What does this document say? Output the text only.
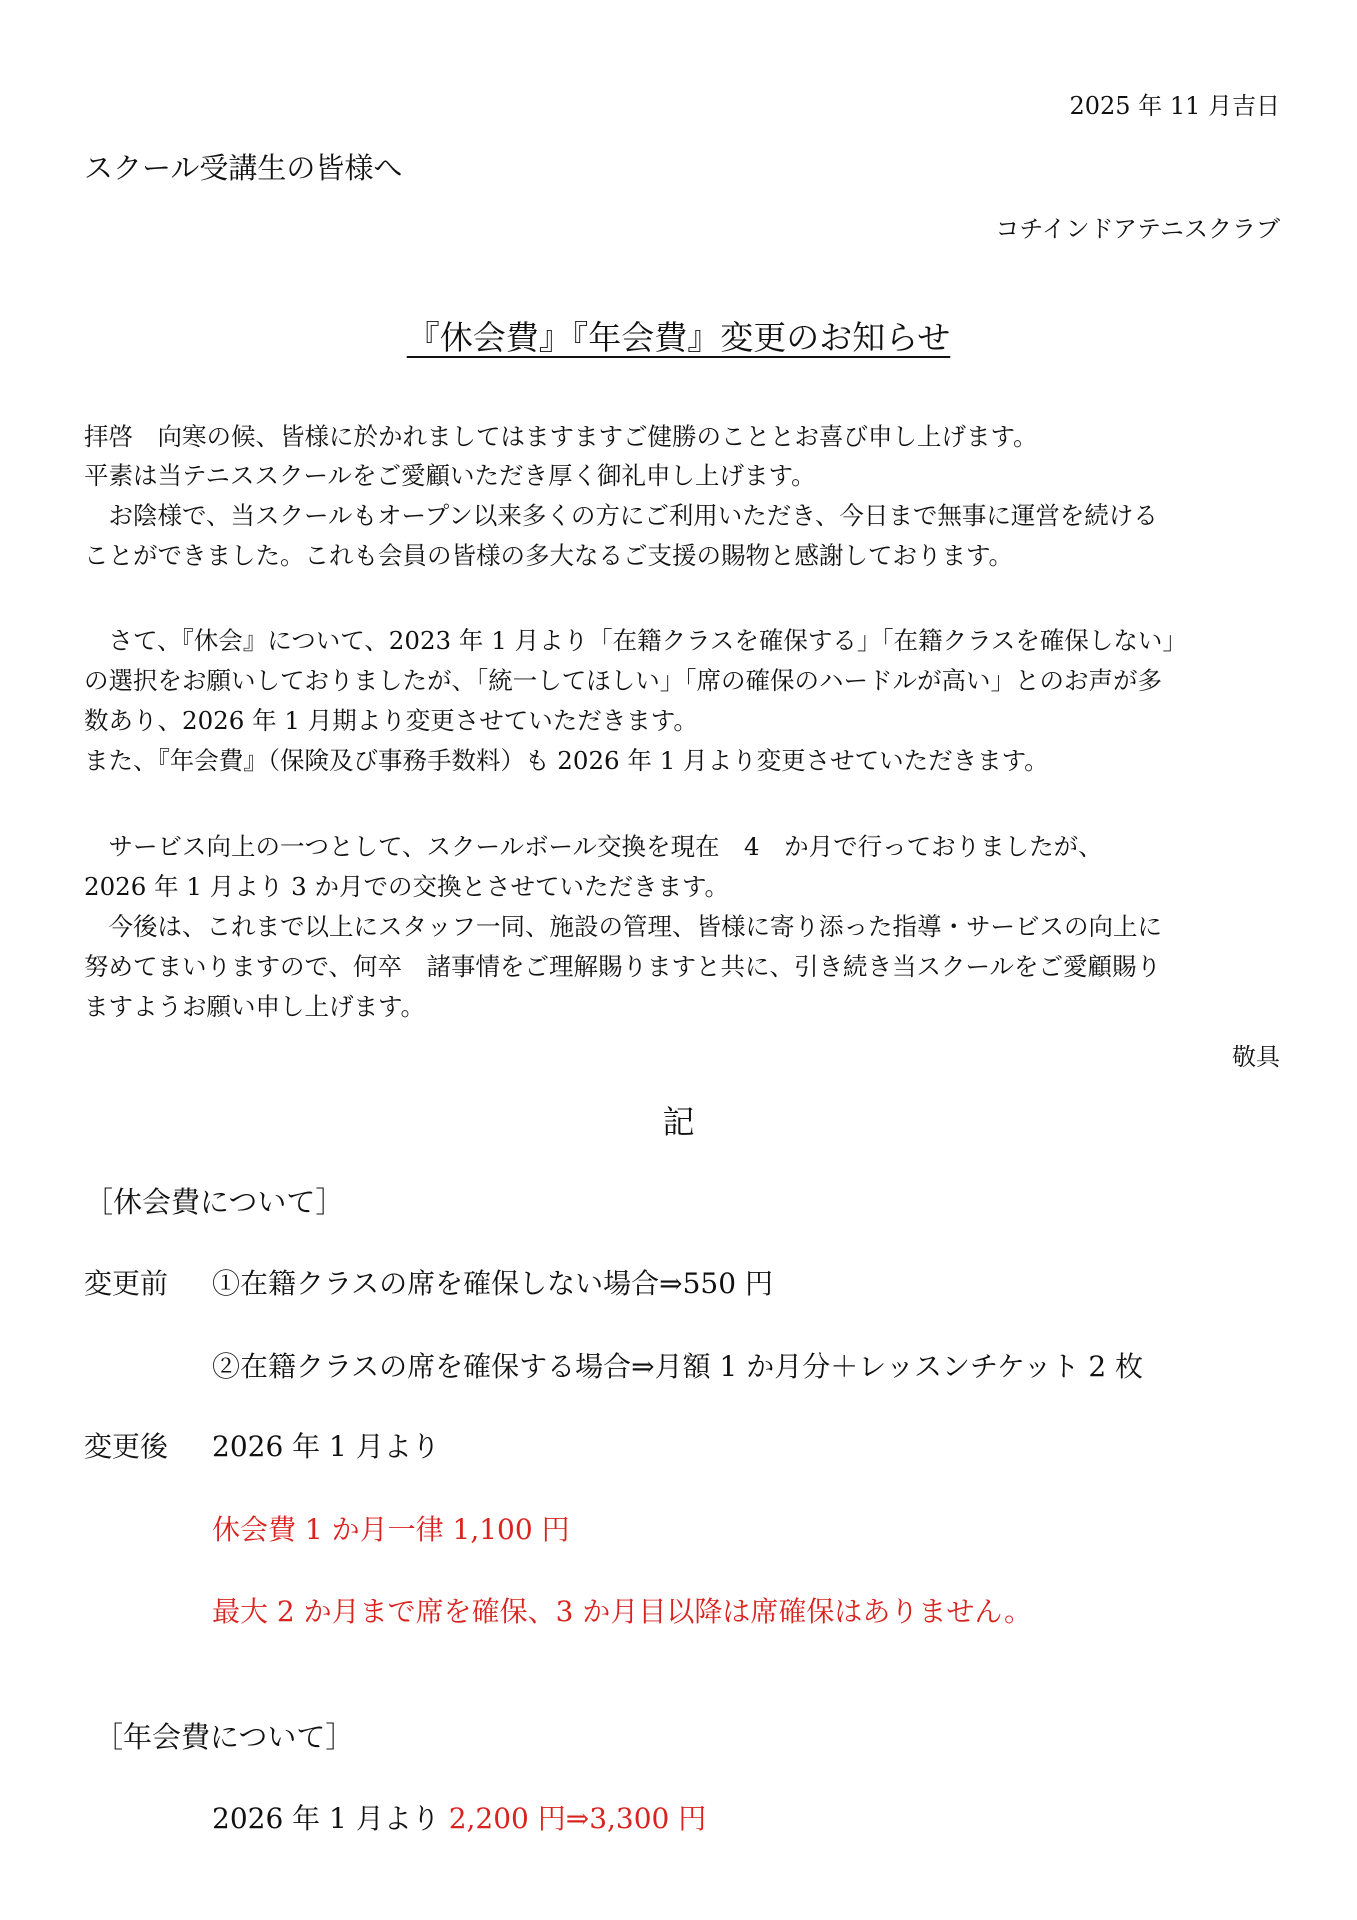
2025 年 11 月吉日
スクール受講生の皆様へ
コチインドアテニスクラブ
『休会費』『年会費』変更のお知らせ
拝啓　向寒の候、皆様に於かれましてはますますご健勝のこととお喜び申し上げます。
平素は当テニススクールをご愛顧いただき厚く御礼申し上げます。
　お陰様で、当スクールもオープン以来多くの方にご利用いただき、今日まで無事に運営を続ける
ことができました。これも会員の皆様の多大なるご支援の賜物と感謝しております。
　さて、『休会』について、2023 年 1 月より「在籍クラスを確保する」「在籍クラスを確保しない」
の選択をお願いしておりましたが、「統一してほしい」「席の確保のハードルが高い」とのお声が多
数あり、2026 年 1 月期より変更させていただきます。
また、『年会費』（保険及び事務手数料）も 2026 年 1 月より変更させていただきます。
　サービス向上の一つとして、スクールボール交換を現在　4　か月で行っておりましたが、
2026 年 1 月より 3 か月での交換とさせていただきます。
　今後は、これまで以上にスタッフ一同、施設の管理、皆様に寄り添った指導・サービスの向上に
努めてまいりますので、何卒　諸事情をご理解賜りますと共に、引き続き当スクールをご愛顧賜り
ますようお願い申し上げます。
敬具
記
［休会費について］
変更前 ①在籍クラスの席を確保しない場合⇒550 円
②在籍クラスの席を確保する場合⇒月額 1 か月分＋レッスンチケット 2 枚
変更後 2026 年 1 月より
休会費 1 か月一律 1,100 円
最大 2 か月まで席を確保、3 か月目以降は席確保はありません。
［年会費について］
2026 年 1 月より 2,200 円⇒3,300 円
